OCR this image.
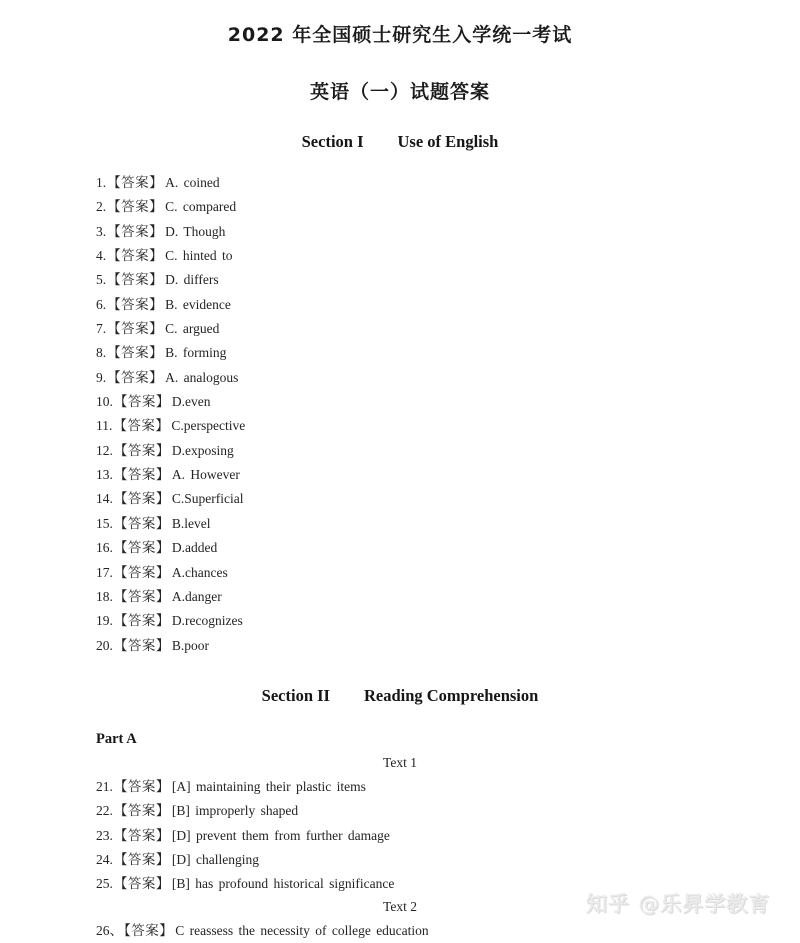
2022 年全国硕士研究生入学统一考试
英语（一）试题答案
Section I Use of English
1.【答案】 A. coined
2.【答案】 C. compared
3.【答案】 D. Though
4.【答案】 C. hinted to
5.【答案】 D. differs
6.【答案】 B. evidence
7.【答案】 C. argued
8.【答案】 B. forming
9.【答案】 A. analogous
10.【答案】 D.even
11.【答案】 C.perspective
12.【答案】 D.exposing
13.【答案】 A. However
14.【答案】 C.Superficial
15.【答案】 B.level
16.【答案】 D.added
17.【答案】 A.chances
18.【答案】 A.danger
19.【答案】 D.recognizes
20.【答案】 B.poor
Section II Reading Comprehension
Part A
Text 1
21.【答案】 [A] maintaining their plastic items
22.【答案】 [B] improperly shaped
23.【答案】 [D] prevent them from further damage
24.【答案】 [D] challenging
25.【答案】 [B] has profound historical significance
Text 2
26、【答案】 C reassess the necessity of college education
知乎 @乐昇学教育
